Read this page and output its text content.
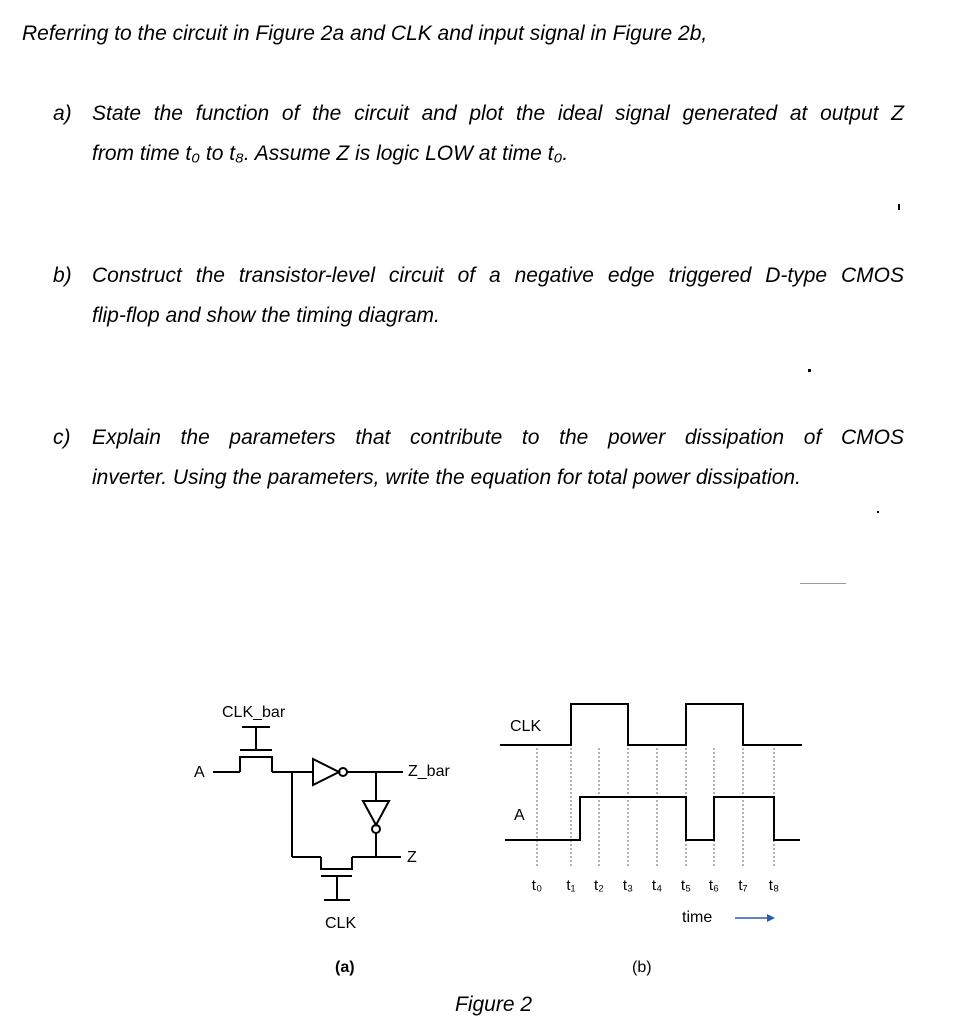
Referring to the circuit in Figure 2a and CLK and input signal in Figure 2b,
a) State the function of the circuit and plot the ideal signal generated at output Z
from time t₀ to t₈. Assume Z is logic LOW at time t₀.
b) Construct the transistor-level circuit of a negative edge triggered D-type CMOS
flip-flop and show the timing diagram.
c) Explain the parameters that contribute to the power dissipation of CMOS
inverter. Using the parameters, write the equation for total power dissipation.
CLK_bar
A	Z_bar
Z
CLK
(a)
CLK
A
t₀ t₁ t₂ t₃ t₄ t₅ t₆ t₇ t₈
time
(b)
Figure 2
